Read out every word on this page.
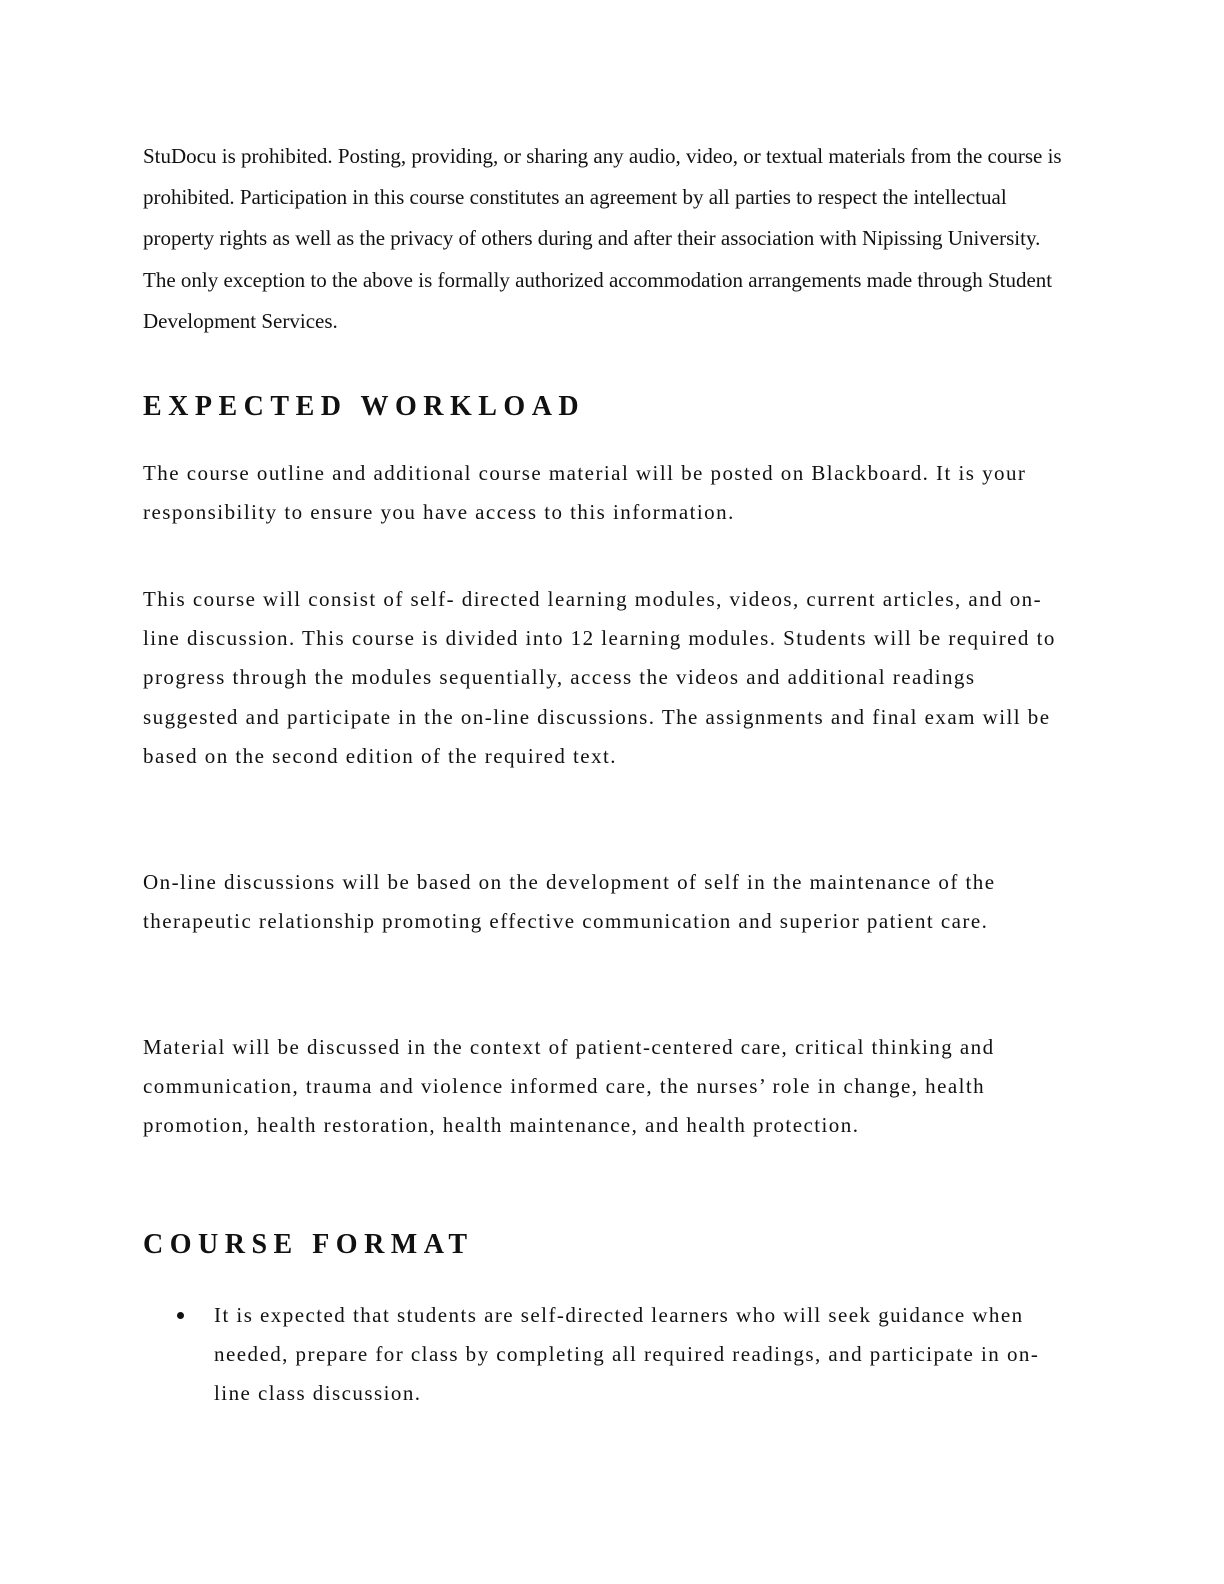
StuDocu is prohibited. Posting, providing, or sharing any audio, video, or textual materials from the course is prohibited. Participation in this course constitutes an agreement by all parties to respect the intellectual property rights as well as the privacy of others during and after their association with Nipissing University. The only exception to the above is formally authorized accommodation arrangements made through Student Development Services.

EXPECTED WORKLOAD

The course outline and additional course material will be posted on Blackboard. It is your responsibility to ensure you have access to this information.

This course will consist of self- directed learning modules, videos, current articles, and on-line discussion. This course is divided into 12 learning modules. Students will be required to progress through the modules sequentially, access the videos and additional readings suggested and participate in the on-line discussions. The assignments and final exam will be based on the second edition of the required text.

On-line discussions will be based on the development of self in the maintenance of the therapeutic relationship promoting effective communication and superior patient care.

Material will be discussed in the context of patient-centered care, critical thinking and communication, trauma and violence informed care, the nurses’ role in change, health promotion, health restoration, health maintenance, and health protection.

COURSE FORMAT
It is expected that students are self-directed learners who will seek guidance when needed, prepare for class by completing all required readings, and participate in on-line class discussion.
